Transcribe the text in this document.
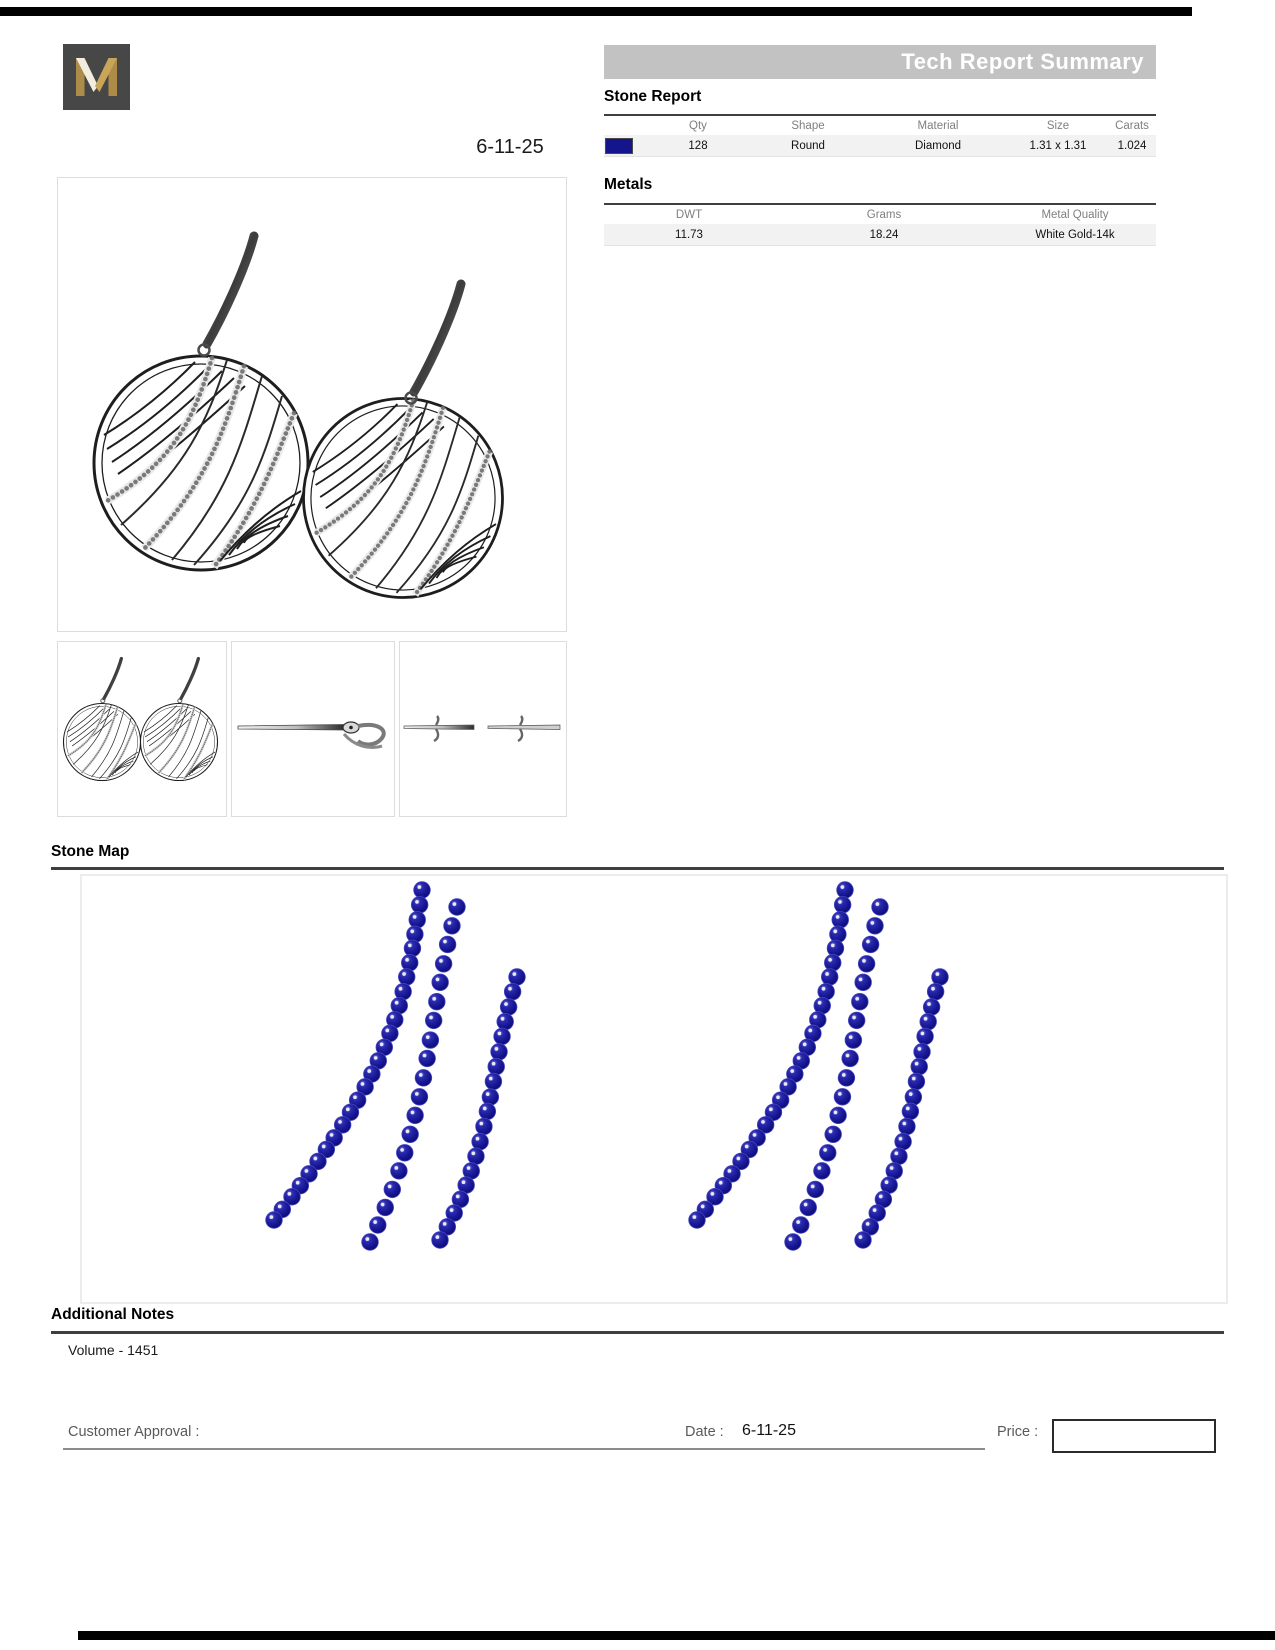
Tech Report Summary
Stone Report
Qty	Shape	Material	Size	Carats
128	Round	Diamond	1.31 x 1.31	1.024
Metals
DWT	Grams	Metal Quality
11.73	18.24	White Gold-14k
6-11-25
Stone Map
Additional Notes
Volume - 1451
Customer Approval :	Date : 6-11-25	Price :
